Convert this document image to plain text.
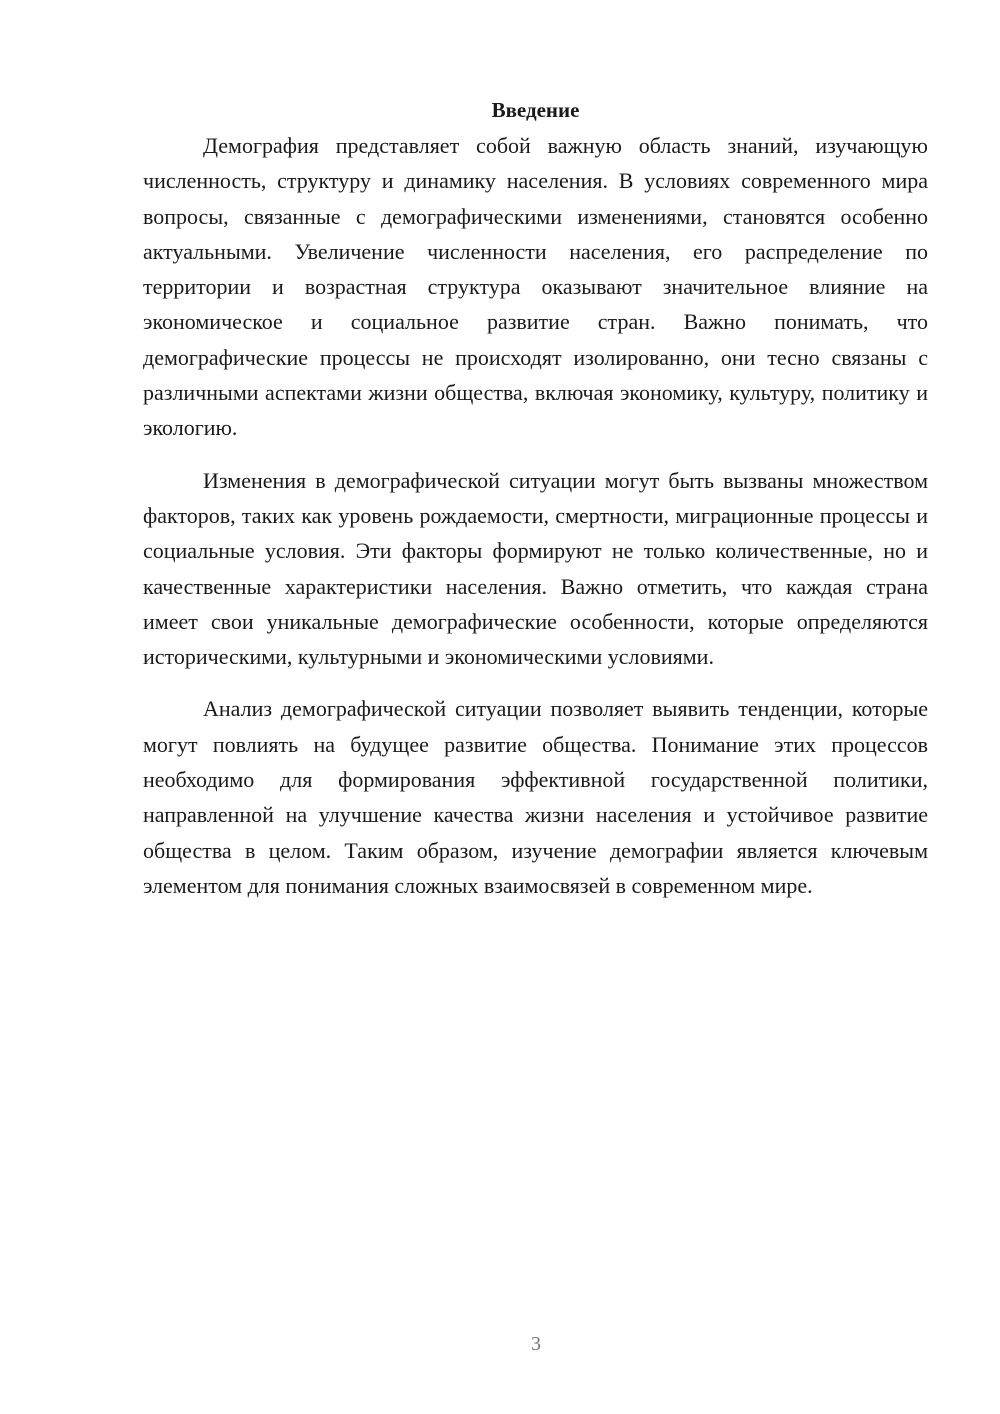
Введение

Демография представляет собой важную область знаний, изучающую численность, структуру и динамику населения. В условиях современного мира вопросы, связанные с демографическими изменениями, становятся особенно актуальными. Увеличение численности населения, его распределение по территории и возрастная структура оказывают значительное влияние на экономическое и социальное развитие стран. Важно понимать, что демографические процессы не происходят изолированно, они тесно связаны с различными аспектами жизни общества, включая экономику, культуру, политику и экологию.

Изменения в демографической ситуации могут быть вызваны множеством факторов, таких как уровень рождаемости, смертности, миграционные процессы и социальные условия. Эти факторы формируют не только количественные, но и качественные характеристики населения. Важно отметить, что каждая страна имеет свои уникальные демографические особенности, которые определяются историческими, культурными и экономическими условиями.

Анализ демографической ситуации позволяет выявить тенденции, которые могут повлиять на будущее развитие общества. Понимание этих процессов необходимо для формирования эффективной государственной политики, направленной на улучшение качества жизни населения и устойчивое развитие общества в целом. Таким образом, изучение демографии является ключевым элементом для понимания сложных взаимосвязей в современном мире.

3
